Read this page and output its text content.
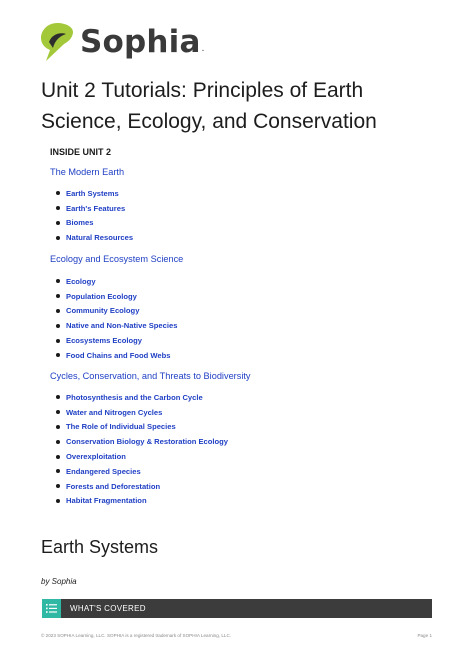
Sophia .
Unit 2 Tutorials: Principles of Earth Science, Ecology, and Conservation
INSIDE UNIT 2
The Modern Earth
Earth Systems
Earth's Features
Biomes
Natural Resources
Ecology and Ecosystem Science
Ecology
Population Ecology
Community Ecology
Native and Non-Native Species
Ecosystems Ecology
Food Chains and Food Webs
Cycles, Conservation, and Threats to Biodiversity
Photosynthesis and the Carbon Cycle
Water and Nitrogen Cycles
The Role of Individual Species
Conservation Biology & Restoration Ecology
Overexploitation
Endangered Species
Forests and Deforestation
Habitat Fragmentation
Earth Systems
by Sophia
WHAT'S COVERED
© 2023 SOPHIA Learning, LLC. SOPHIA is a registered trademark of SOPHIA Learning, LLC.	Page 1
